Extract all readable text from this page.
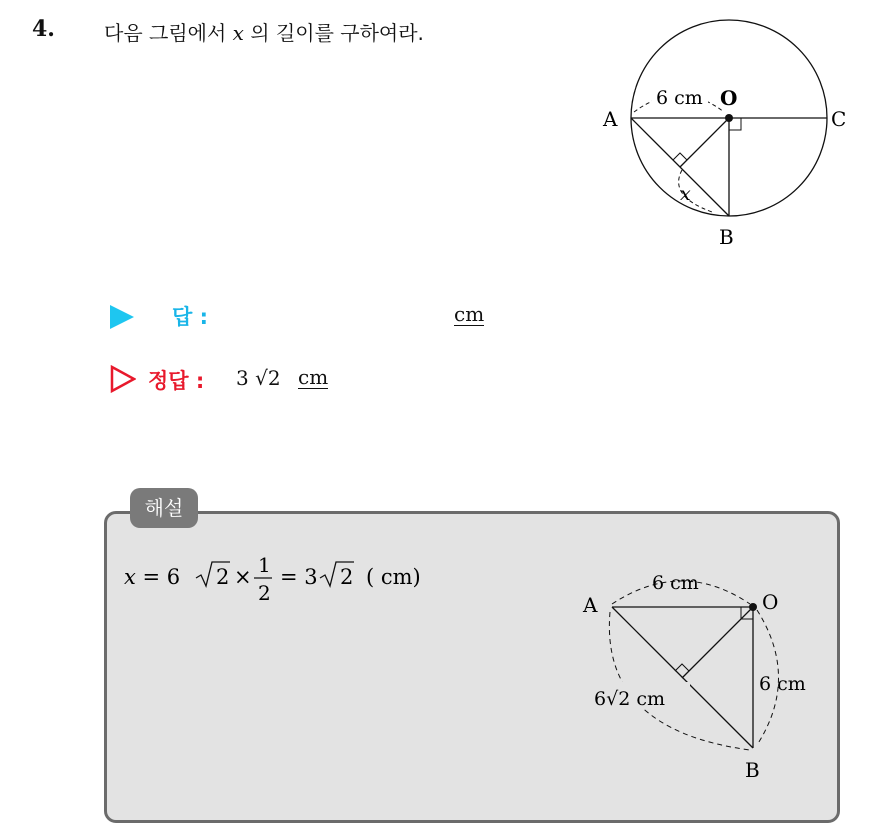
4. 다음 그림에서 x 의 길이를 구하여라.
6 cm
A
O
C
B
x
답 :	cm
정답 : 3 √2 cm
해설
x = 6 2 × 1
2
= 3 2 ( cm)
A	O
B
6 cm
6 cm
6√2 cm
